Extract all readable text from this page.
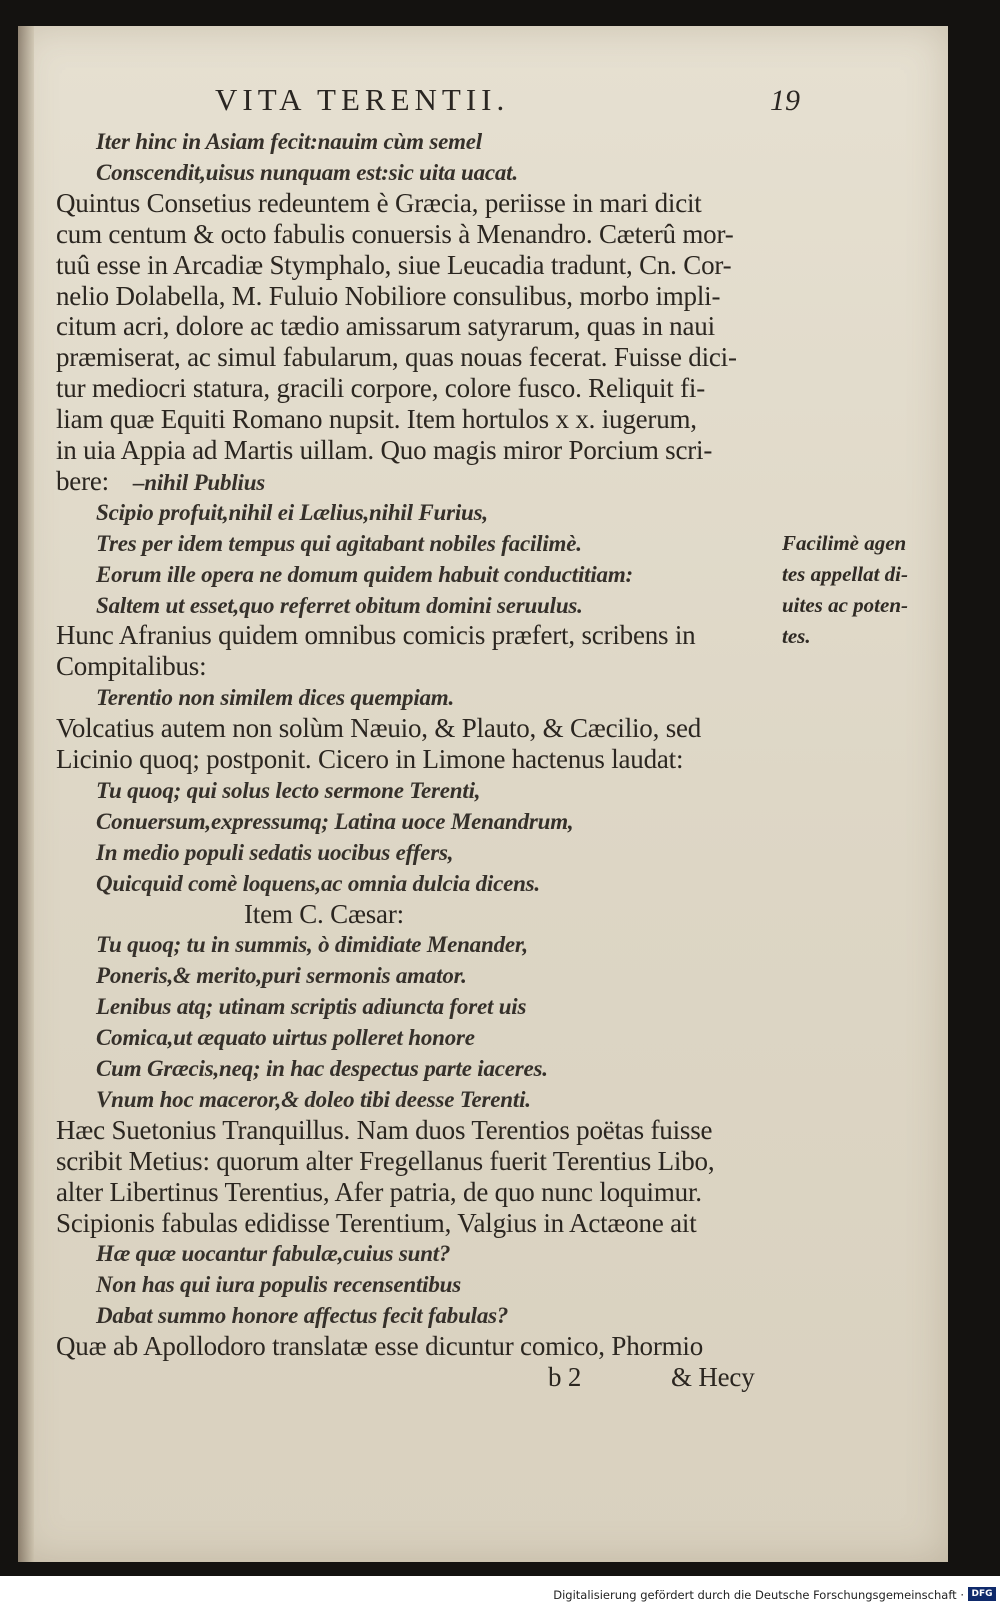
VITA TERENTII.	19
Iter hinc in Asiam fecit:nauim cùm semel
Conscendit,uisus nunquam est:sic uita uacat.
Quintus Consetius redeuntem è Græcia, periisse in mari dicit
cum centum & octo fabulis conuersis à Menandro. Cæterû mor-
tuû esse in Arcadiæ Stymphalo, siue Leucadia tradunt, Cn. Cor-
nelio Dolabella, M. Fuluio Nobiliore consulibus, morbo impli-
citum acri, dolore ac tædio amissarum satyrarum, quas in naui
præmiserat, ac simul fabularum, quas nouas fecerat. Fuisse dici-
tur mediocri statura, gracili corpore, colore fusco. Reliquit fi-
liam quæ Equiti Romano nupsit. Item hortulos x x. iugerum,
in uia Appia ad Martis uillam. Quo magis miror Porcium scri-
bere: –nihil Publius
Scipio profuit,nihil ei Lælius,nihil Furius,
Tres per idem tempus qui agitabant nobiles facilimè.
Eorum ille opera ne domum quidem habuit conductitiam:
Saltem ut esset,quo referret obitum domini seruulus.
Hunc Afranius quidem omnibus comicis præfert, scribens in
Compitalibus:
Terentio non similem dices quempiam.
Volcatius autem non solùm Næuio, & Plauto, & Cæcilio, sed
Licinio quoq; postponit. Cicero in Limone hactenus laudat:
Tu quoq; qui solus lecto sermone Terenti,
Conuersum,expressumq; Latina uoce Menandrum,
In medio populi sedatis uocibus effers,
Quicquid comè loquens,ac omnia dulcia dicens.
Item C. Cæsar:
Tu quoq; tu in summis, ò dimidiate Menander,
Poneris,& merito,puri sermonis amator.
Lenibus atq; utinam scriptis adiuncta foret uis
Comica,ut æquato uirtus polleret honore
Cum Græcis,neq; in hac despectus parte iaceres.
Vnum hoc maceror,& doleo tibi deesse Terenti.
Hæc Suetonius Tranquillus. Nam duos Terentios poëtas fuisse
scribit Metius: quorum alter Fregellanus fuerit Terentius Libo,
alter Libertinus Terentius, Afer patria, de quo nunc loquimur.
Scipionis fabulas edidisse Terentium, Valgius in Actæone ait
Hæ quæ uocantur fabulæ,cuius sunt?
Non has qui iura populis recensentibus
Dabat summo honore affectus fecit fabulas?
Quæ ab Apollodoro translatæ esse dicuntur comico, Phormio
b 2	& Hecy
Facilimè agen
tes appellat di-
uites ac poten-
tes.
Digitalisierung gefördert durch die Deutsche Forschungsgemeinschaft · DFG
